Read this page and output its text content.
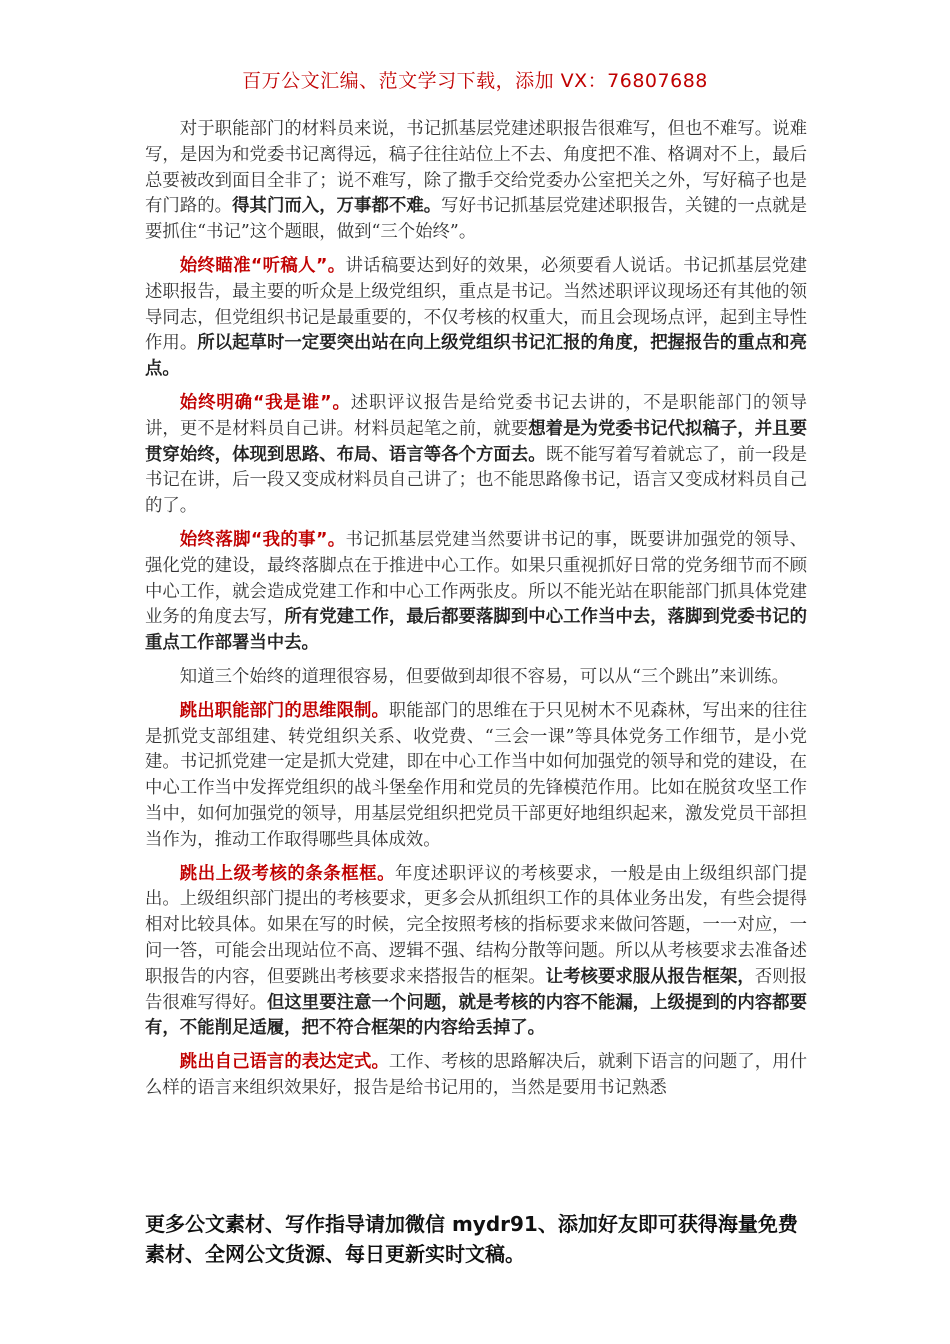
百万公文汇编、范文学习下载，添加 VX：76807688

对于职能部门的材料员来说，书记抓基层党建述职报告很难写，但也不难写。说难写，是因为和党委书记离得远，稿子往往站位上不去、角度把不准、格调对不上，最后总要被改到面目全非了；说不难写，除了撒手交给党委办公室把关之外，写好稿子也是有门路的。得其门而入，万事都不难。写好书记抓基层党建述职报告，关键的一点就是要抓住“书记”这个题眼，做到“三个始终”。

始终瞄准“听稿人”。讲话稿要达到好的效果，必须要看人说话。书记抓基层党建述职报告，最主要的听众是上级党组织，重点是书记。当然述职评议现场还有其他的领导同志，但党组织书记是最重要的，不仅考核的权重大，而且会现场点评，起到主导性作用。所以起草时一定要突出站在向上级党组织书记汇报的角度，把握报告的重点和亮点。

始终明确“我是谁”。述职评议报告是给党委书记去讲的，不是职能部门的领导讲，更不是材料员自己讲。材料员起笔之前，就要想着是为党委书记代拟稿子，并且要贯穿始终，体现到思路、布局、语言等各个方面去。既不能写着写着就忘了，前一段是书记在讲，后一段又变成材料员自己讲了；也不能思路像书记，语言又变成材料员自己的了。

始终落脚“我的事”。书记抓基层党建当然要讲书记的事，既要讲加强党的领导、强化党的建设，最终落脚点在于推进中心工作。如果只重视抓好日常的党务细节而不顾中心工作，就会造成党建工作和中心工作两张皮。所以不能光站在职能部门抓具体党建业务的角度去写，所有党建工作，最后都要落脚到中心工作当中去，落脚到党委书记的重点工作部署当中去。

知道三个始终的道理很容易，但要做到却很不容易，可以从“三个跳出”来训练。

跳出职能部门的思维限制。职能部门的思维在于只见树木不见森林，写出来的往往是抓党支部组建、转党组织关系、收党费、“三会一课”等具体党务工作细节，是小党建。书记抓党建一定是抓大党建，即在中心工作当中如何加强党的领导和党的建设，在中心工作当中发挥党组织的战斗堡垒作用和党员的先锋模范作用。比如在脱贫攻坚工作当中，如何加强党的领导，用基层党组织把党员干部更好地组织起来，激发党员干部担当作为，推动工作取得哪些具体成效。

跳出上级考核的条条框框。年度述职评议的考核要求，一般是由上级组织部门提出。上级组织部门提出的考核要求，更多会从抓组织工作的具体业务出发，有些会提得相对比较具体。如果在写的时候，完全按照考核的指标要求来做问答题，一一对应，一问一答，可能会出现站位不高、逻辑不强、结构分散等问题。所以从考核要求去准备述职报告的内容，但要跳出考核要求来搭报告的框架。让考核要求服从报告框架，否则报告很难写得好。但这里要注意一个问题，就是考核的内容不能漏，上级提到的内容都要有，不能削足适履，把不符合框架的内容给丢掉了。

跳出自己语言的表达定式。工作、考核的思路解决后，就剩下语言的问题了，用什么样的语言来组织效果好，报告是给书记用的，当然是要用书记熟悉

更多公文素材、写作指导请加微信 mydr91、添加好友即可获得海量免费素材、全网公文货源、每日更新实时文稿。
